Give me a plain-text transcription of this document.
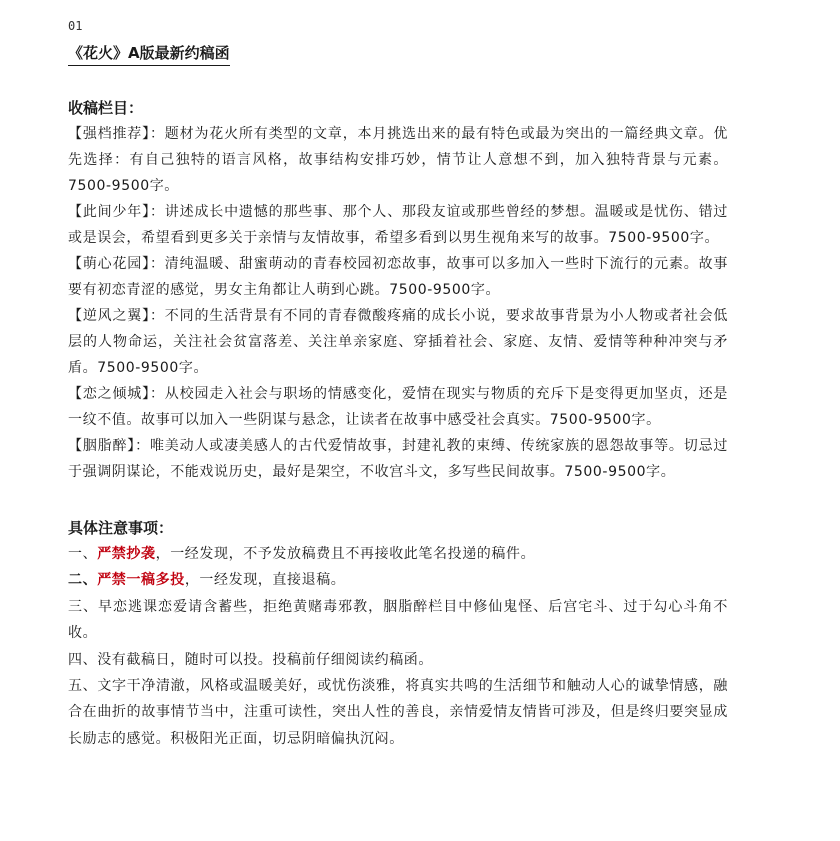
01
《花火》A版最新约稿函
收稿栏目：

【强档推荐】：题材为花火所有类型的文章，本月挑选出来的最有特色或最为突出的一篇经典文章。优先选择：有自己独特的语言风格，故事结构安排巧妙，情节让人意想不到，加入独特背景与元素。7500-9500字。

【此间少年】：讲述成长中遗憾的那些事、那个人、那段友谊或那些曾经的梦想。温暖或是忧伤、错过或是误会，希望看到更多关于亲情与友情故事，希望多看到以男生视角来写的故事。7500-9500字。

【萌心花园】：清纯温暖、甜蜜萌动的青春校园初恋故事，故事可以多加入一些时下流行的元素。故事要有初恋青涩的感觉，男女主角都让人萌到心跳。7500-9500字。

【逆风之翼】：不同的生活背景有不同的青春微酸疼痛的成长小说，要求故事背景为小人物或者社会低层的人物命运，关注社会贫富落差、关注单亲家庭、穿插着社会、家庭、友情、爱情等种种冲突与矛盾。7500-9500字。

【恋之倾城】：从校园走入社会与职场的情感变化，爱情在现实与物质的充斥下是变得更加坚贞，还是一纹不值。故事可以加入一些阴谋与悬念，让读者在故事中感受社会真实。7500-9500字。

【胭脂醉】：唯美动人或凄美感人的古代爱情故事，封建礼教的束缚、传统家族的恩怨故事等。切忌过于强调阴谋论，不能戏说历史，最好是架空，不收宫斗文，多写些民间故事。7500-9500字。

具体注意事项：

一、严禁抄袭，一经发现，不予发放稿费且不再接收此笔名投递的稿件。

二、严禁一稿多投，一经发现，直接退稿。

三、早恋逃课恋爱请含蓄些，拒绝黄赌毒邪教，胭脂醉栏目中修仙鬼怪、后宫宅斗、过于勾心斗角不收。

四、没有截稿日，随时可以投。投稿前仔细阅读约稿函。

五、文字干净清澈，风格或温暖美好，或忧伤淡雅，将真实共鸣的生活细节和触动人心的诚挚情感，融合在曲折的故事情节当中，注重可读性，突出人性的善良，亲情爱情友情皆可涉及，但是终归要突显成长励志的感觉。积极阳光正面，切忌阴暗偏执沉闷。
